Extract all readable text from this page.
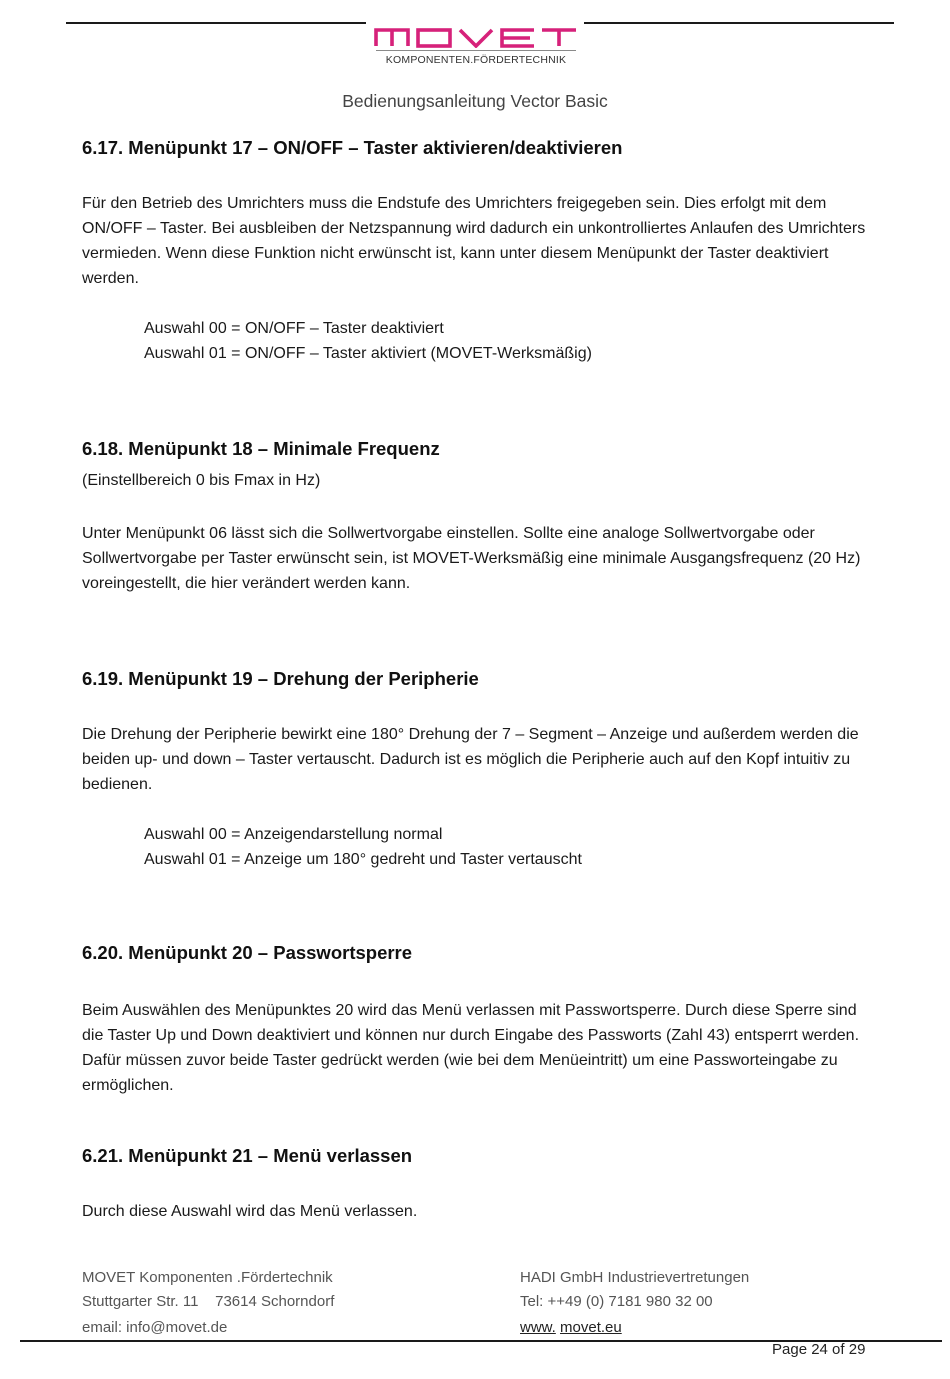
KOMPONENTEN.FÖRDERTECHNIK
Bedienungsanleitung Vector Basic
6.17. Menüpunkt 17 – ON/OFF – Taster aktivieren/deaktivieren

Für den Betrieb des Umrichters muss die Endstufe des Umrichters freigegeben sein. Dies erfolgt mit dem ON/OFF – Taster. Bei ausbleiben der Netzspannung wird dadurch ein unkontrolliertes Anlaufen des Umrichters vermieden. Wenn diese Funktion nicht erwünscht ist, kann unter diesem Menüpunkt der Taster deaktiviert werden.

Auswahl 00 = ON/OFF – Taster deaktiviert
Auswahl 01 = ON/OFF – Taster aktiviert (MOVET-Werksmäßig)
6.18. Menüpunkt 18 – Minimale Frequenz

(Einstellbereich 0 bis Fmax in Hz)

Unter Menüpunkt 06 lässt sich die Sollwertvorgabe einstellen. Sollte eine analoge Sollwertvorgabe oder Sollwertvorgabe per Taster erwünscht sein, ist MOVET-Werksmäßig eine minimale Ausgangsfrequenz (20 Hz) voreingestellt, die hier verändert werden kann.

6.19. Menüpunkt 19 – Drehung der Peripherie

Die Drehung der Peripherie bewirkt eine 180° Drehung der 7 – Segment – Anzeige und außerdem werden die beiden up- und down – Taster vertauscht. Dadurch ist es möglich die Peripherie auch auf den Kopf intuitiv zu bedienen.

Auswahl 00 = Anzeigendarstellung normal
Auswahl 01 = Anzeige um 180° gedreht und Taster vertauscht
6.20. Menüpunkt 20 – Passwortsperre

Beim Auswählen des Menüpunktes 20 wird das Menü verlassen mit Passwortsperre. Durch diese Sperre sind die Taster Up und Down deaktiviert und können nur durch Eingabe des Passworts (Zahl 43) entsperrt werden. Dafür müssen zuvor beide Taster gedrückt werden (wie bei dem Menüeintritt) um eine Passworteingabe zu ermöglichen.

6.21. Menüpunkt 21 – Menü verlassen

Durch diese Auswahl wird das Menü verlassen.

MOVET Komponenten .Fördertechnik
Stuttgarter Str. 11    73614 Schorndorf
email: info@movet.de
HADI GmbH Industrievertretungen
Tel: ++49 (0) 7181 980 32 00
www. movet.eu
Page 24 of 29
